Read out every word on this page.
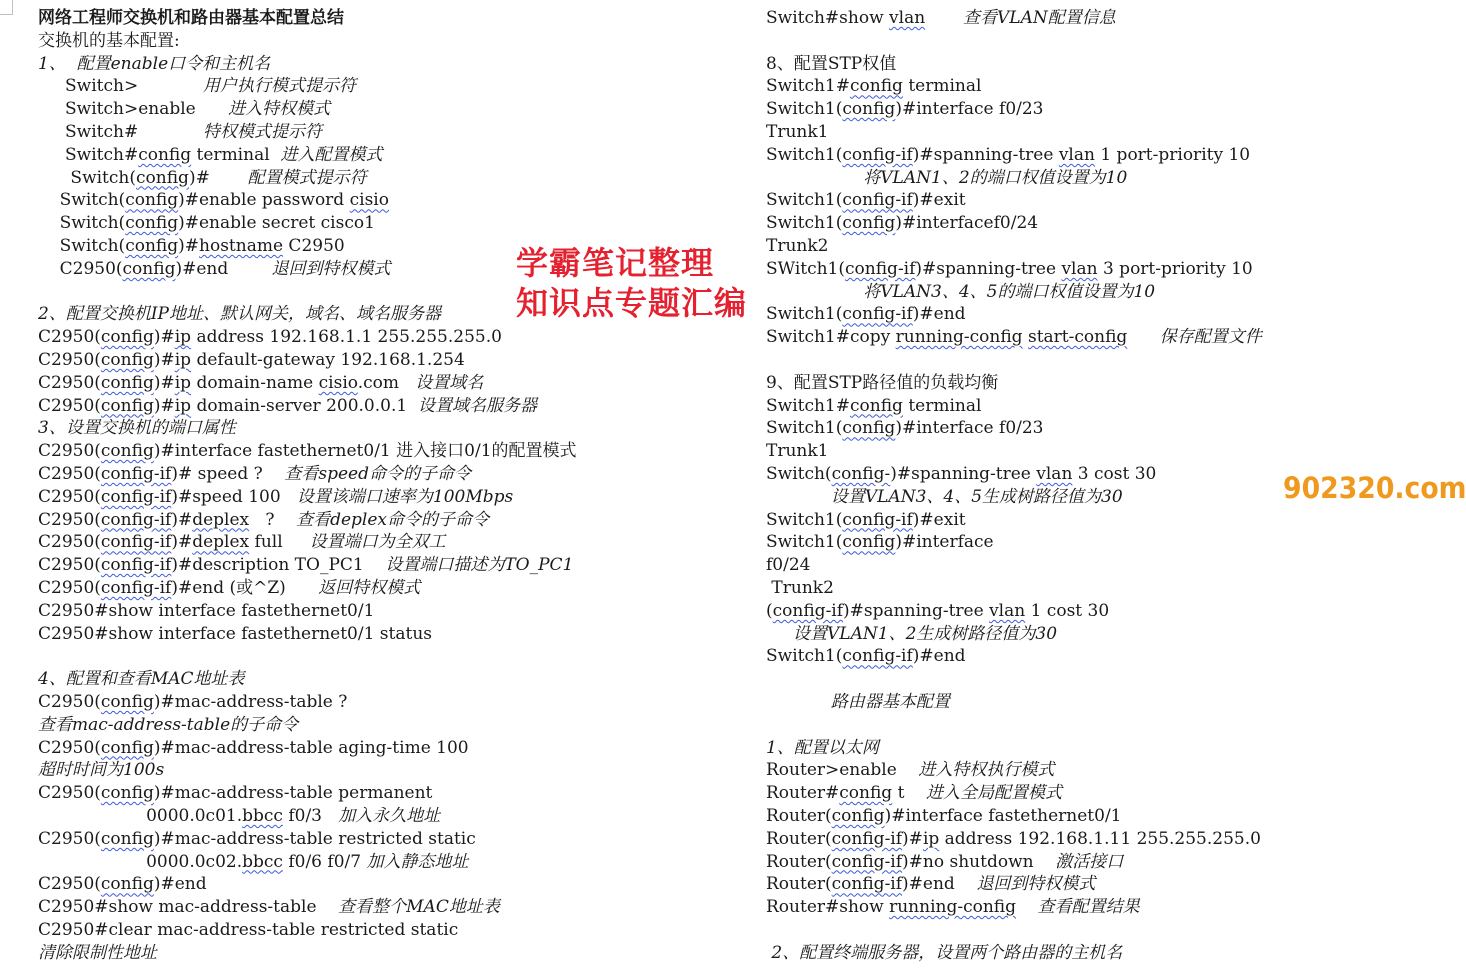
网络工程师交换机和路由器基本配置总结
交换机的基本配置:
1、  配置enable口令和主机名
Switch>            用户执行模式提示符
Switch>enable      进入特权模式
Switch#            特权模式提示符
Switch#config terminal  进入配置模式
Switch(config)#       配置模式提示符
Switch(config)#enable password cisio
Switch(config)#enable secret cisco1
Switch(config)#hostname C2950
C2950(config)#end        退回到特权模式
2、配置交换机IP地址、默认网关，域名、域名服务器
C2950(config)#ip address 192.168.1.1 255.255.255.0
C2950(config)#ip default-gateway 192.168.1.254
C2950(config)#ip domain-name cisio.com   设置域名
C2950(config)#ip domain-server 200.0.0.1  设置域名服务器
3、设置交换机的端口属性
C2950(config)#interface fastethernet0/1 进入接口0/1的配置模式
C2950(config-if)# speed ?    查看speed命令的子命令
C2950(config-if)#speed 100   设置该端口速率为100Mbps
C2950(config-if)#deplex   ?    查看deplex命令的子命令
C2950(config-if)#deplex full     设置端口为全双工
C2950(config-if)#description TO_PC1    设置端口描述为TO_PC1
C2950(config-if)#end (或^Z)      返回特权模式
C2950#show interface fastethernet0/1
C2950#show interface fastethernet0/1 status
4、配置和查看MAC地址表
C2950(config)#mac-address-table ?
查看mac-address-table的子命令
C2950(config)#mac-address-table aging-time 100
超时时间为100s
C2950(config)#mac-address-table permanent
0000.0c01.bbcc f0/3   加入永久地址
C2950(config)#mac-address-table restricted static
0000.0c02.bbcc f0/6 f0/7 加入静态地址
C2950(config)#end
C2950#show mac-address-table    查看整个MAC地址表
C2950#clear mac-address-table restricted static
清除限制性地址
Switch#show vlan 查看VLAN配置信息
8、配置STP权值
Switch1#config terminal
Switch1(config)#interface f0/23
Trunk1
Switch1(config-if)#spanning-tree vlan 1 port-priority 10
将VLAN1、2的端口权值设置为10
Switch1(config-if)#exit
Switch1(config)#interfacef0/24
Trunk2
SWitch1(config-if)#spanning-tree vlan 3 port-priority 10
将VLAN3、4、5的端口权值设置为10
Switch1(config-if)#end
Switch1#copy running-config start-config 保存配置文件
9、配置STP路径值的负载均衡
Switch1#config terminal
Switch1(config)#interface f0/23
Trunk1
Switch(config-)#spanning-tree vlan 3 cost 30
设置VLAN3、4、5生成树路径值为30
Switch1(config-if)#exit
Switch1(config)#interface
f0/24
Trunk2
(config-if)#spanning-tree vlan 1 cost 30
设置VLAN1、2生成树路径值为30
Switch1(config-if)#end
路由器基本配置
1、配置以太网
Router>enable    进入特权执行模式
Router#config t    进入全局配置模式
Router(config)#interface fastethernet0/1
Router(config-if)#ip address 192.168.1.11 255.255.255.0
Router(config-if)#no shutdown    激活接口
Router(config-if)#end    退回到特权模式
Router#show running-config 查看配置结果
2、配置终端服务器，设置两个路由器的主机名
学霸笔记整理
知识点专题汇编
902320.com
